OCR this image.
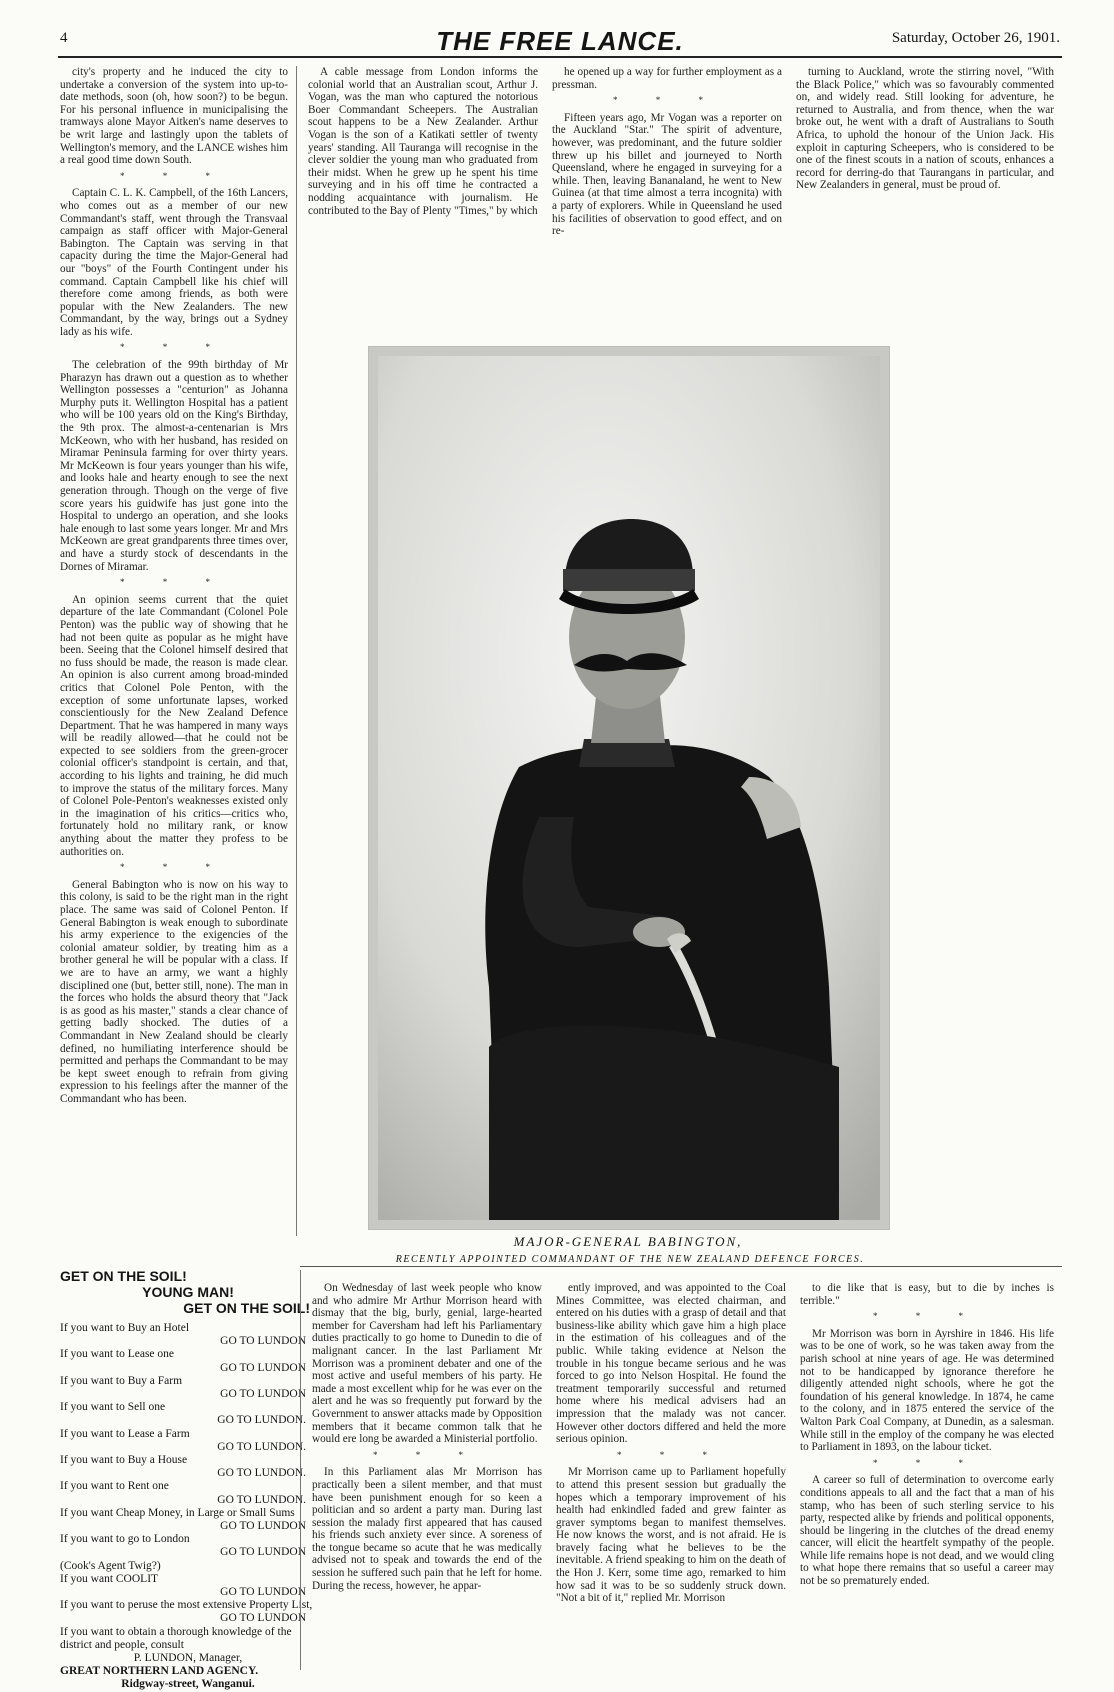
4	THE FREE LANCE.	Saturday, October 26, 1901.

city's property and he induced the city to undertake a conversion of the system into up-to-date methods, soon (oh, how soon?) to be begun. For his personal influence in municipalising the tramways alone Mayor Aitken's name deserves to be writ large and lastingly upon the tablets of Wellington's memory, and the LANCE wishes him a real good time down South.

* * *

Captain C. L. K. Campbell, of the 16th Lancers, who comes out as a member of our new Commandant's staff, went through the Transvaal campaign as staff officer with Major-General Babington. The Captain was serving in that capacity during the time the Major-General had our "boys" of the Fourth Contingent under his command. Captain Campbell like his chief will therefore come among friends, as both were popular with the New Zealanders. The new Commandant, by the way, brings out a Sydney lady as his wife.

* * *

The celebration of the 99th birthday of Mr Pharazyn has drawn out a question as to whether Wellington possesses a "centurion" as Johanna Murphy puts it. Wellington Hospital has a patient who will be 100 years old on the King's Birthday, the 9th prox. The almost-a-centenarian is Mrs McKeown, who with her husband, has resided on Miramar Peninsula farming for over thirty years. Mr McKeown is four years younger than his wife, and looks hale and hearty enough to see the next generation through. Though on the verge of five score years his guidwife has just gone into the Hospital to undergo an operation, and she looks hale enough to last some years longer. Mr and Mrs McKeown are great grandparents three times over, and have a sturdy stock of descendants in the Dornes of Miramar.

* * *

An opinion seems current that the quiet departure of the late Commandant (Colonel Pole Penton) was the public way of showing that he had not been quite as popular as he might have been. Seeing that the Colonel himself desired that no fuss should be made, the reason is made clear. An opinion is also current among broad-minded critics that Colonel Pole Penton, with the exception of some unfortunate lapses, worked conscientiously for the New Zealand Defence Department. That he was hampered in many ways will be readily allowed—that he could not be expected to see soldiers from the green-grocer colonial officer's standpoint is certain, and that, according to his lights and training, he did much to improve the status of the military forces. Many of Colonel Pole-Penton's weaknesses existed only in the imagination of his critics—critics who, fortunately hold no military rank, or know anything about the matter they profess to be authorities on.

* * *

General Babington who is now on his way to this colony, is said to be the right man in the right place. The same was said of Colonel Penton. If General Babington is weak enough to subordinate his army experience to the exigencies of the colonial amateur soldier, by treating him as a brother general he will be popular with a class. If we are to have an army, we want a highly disciplined one (but, better still, none). The man in the forces who holds the absurd theory that "Jack is as good as his master," stands a clear chance of getting badly shocked. The duties of a Commandant in New Zealand should be clearly defined, no humiliating interference should be permitted and perhaps the Commandant to be may be kept sweet enough to refrain from giving expression to his feelings after the manner of the Commandant who has been.

A cable message from London informs the colonial world that an Australian scout, Arthur J. Vogan, was the man who captured the notorious Boer Commandant Scheepers. The Australian scout happens to be a New Zealander. Arthur Vogan is the son of a Katikati settler of twenty years' standing. All Tauranga will recognise in the clever soldier the young man who graduated from their midst. When he grew up he spent his time surveying and in his off time he contracted a nodding acquaintance with journalism. He contributed to the Bay of Plenty "Times," by which

he opened up a way for further employment as a pressman.

* * *

Fifteen years ago, Mr Vogan was a reporter on the Auckland "Star." The spirit of adventure, however, was predominant, and the future soldier threw up his billet and journeyed to North Queensland, where he engaged in surveying for a while. Then, leaving Bananaland, he went to New Guinea (at that time almost a terra incognita) with a party of explorers. While in Queensland he used his facilities of observation to good effect, and on re-

turning to Auckland, wrote the stirring novel, "With the Black Police," which was so favourably commented on, and widely read. Still looking for adventure, he returned to Australia, and from thence, when the war broke out, he went with a draft of Australians to South Africa, to uphold the honour of the Union Jack. His exploit in capturing Scheepers, who is considered to be one of the finest scouts in a nation of scouts, enhances a record for derring-do that Taurangans in particular, and New Zealanders in general, must be proud of.

MAJOR-GENERAL BABINGTON,
RECENTLY APPOINTED COMMANDANT OF THE NEW ZEALAND DEFENCE FORCES.
GET ON THE SOIL!
YOUNG MAN!
GET ON THE SOIL!
If you want to Buy an Hotel
GO TO LUNDON
If you want to Lease one
GO TO LUNDON
If you want to Buy a Farm
GO TO LUNDON
If you want to Sell one
GO TO LUNDON.
If you want to Lease a Farm
GO TO LUNDON.
If you want to Buy a House
GO TO LUNDON.
If you want to Rent one
GO TO LUNDON.
If you want Cheap Money, in Large or Small Sums
GO TO LUNDON
If you want to go to London
GO TO LUNDON
(Cook's Agent Twig?)
If you want COOLIT
GO TO LUNDON
If you want to peruse the most extensive Property List,
GO TO LUNDON
If you want to obtain a thorough knowledge of the district and people, consult
P. LUNDON, Manager,
GREAT NORTHERN LAND AGENCY.
Ridgway-street, Wanganui.

On Wednesday of last week people who know and who admire Mr Arthur Morrison heard with dismay that the big, burly, genial, large-hearted member for Caversham had left his Parliamentary duties practically to go home to Dunedin to die of malignant cancer. In the last Parliament Mr Morrison was a prominent debater and one of the most active and useful members of his party. He made a most excellent whip for he was ever on the alert and he was so frequently put forward by the Government to answer attacks made by Opposition members that it became common talk that he would ere long be awarded a Ministerial portfolio.

* * *

In this Parliament alas Mr Morrison has practically been a silent member, and that must have been punishment enough for so keen a politician and so ardent a party man. During last session the malady first appeared that has caused his friends such anxiety ever since. A soreness of the tongue became so acute that he was medically advised not to speak and towards the end of the session he suffered such pain that he left for home. During the recess, however, he appar-

ently improved, and was appointed to the Coal Mines Committee, was elected chairman, and entered on his duties with a grasp of detail and that business-like ability which gave him a high place in the estimation of his colleagues and of the public. While taking evidence at Nelson the trouble in his tongue became serious and he was forced to go into Nelson Hospital. He found the treatment temporarily successful and returned home where his medical advisers had an impression that the malady was not cancer. However other doctors differed and held the more serious opinion.

* * *

Mr Morrison came up to Parliament hopefully to attend this present session but gradually the hopes which a temporary improvement of his health had enkindled faded and grew fainter as graver symptoms began to manifest themselves. He now knows the worst, and is not afraid. He is bravely facing what he believes to be the inevitable. A friend speaking to him on the death of the Hon J. Kerr, some time ago, remarked to him how sad it was to be so suddenly struck down. "Not a bit of it," replied Mr. Morrison

to die like that is easy, but to die by inches is terrible."

* * *

Mr Morrison was born in Ayrshire in 1846. His life was to be one of work, so he was taken away from the parish school at nine years of age. He was determined not to be handicapped by ignorance therefore he diligently attended night schools, where he got the foundation of his general knowledge. In 1874, he came to the colony, and in 1875 entered the service of the Walton Park Coal Company, at Dunedin, as a salesman. While still in the employ of the company he was elected to Parliament in 1893, on the labour ticket.

* * *

A career so full of determination to overcome early conditions appeals to all and the fact that a man of his stamp, who has been of such sterling service to his party, respected alike by friends and political opponents, should be lingering in the clutches of the dread enemy cancer, will elicit the heartfelt sympathy of the people. While life remains hope is not dead, and we would cling to what hope there remains that so useful a career may not be so prematurely ended.
